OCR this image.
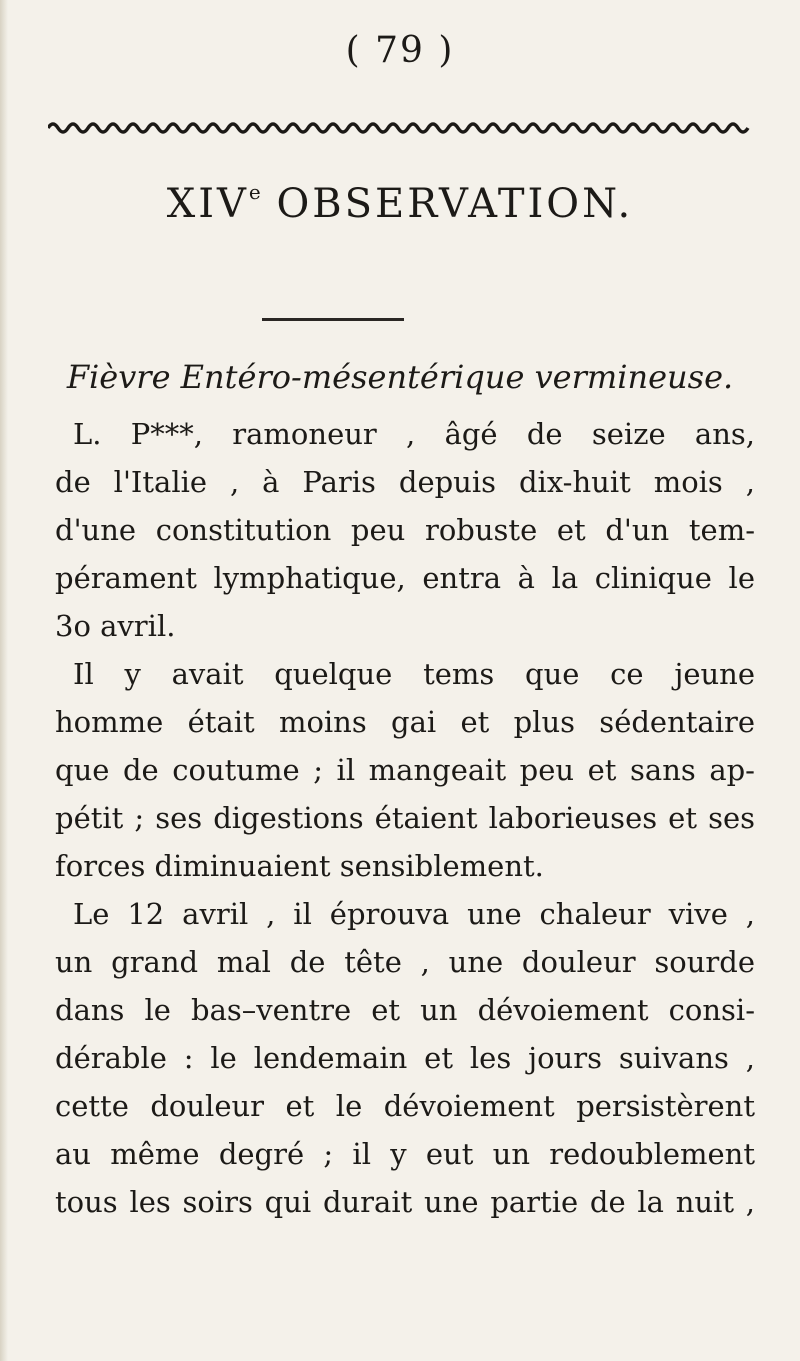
( 79 )
XIVe OBSERVATION.
Fièvre Entéro-mésentérique vermineuse.
L. P***, ramoneur , âgé de seize ans,
de l'Italie , à Paris depuis dix-huit mois ,
d'une constitution peu robuste et d'un tem-
pérament lymphatique, entra à la clinique le
3o avril.
Il y avait quelque tems que ce jeune
homme était moins gai et plus sédentaire
que de coutume ; il mangeait peu et sans ap-
pétit ; ses digestions étaient laborieuses et ses
forces diminuaient sensiblement.
Le 12 avril , il éprouva une chaleur vive ,
un grand mal de tête , une douleur sourde
dans le bas–ventre et un dévoiement consi-
dérable : le lendemain et les jours suivans ,
cette douleur et le dévoiement persistèrent
au même degré ; il y eut un redoublement
tous les soirs qui durait une partie de la nuit ,
